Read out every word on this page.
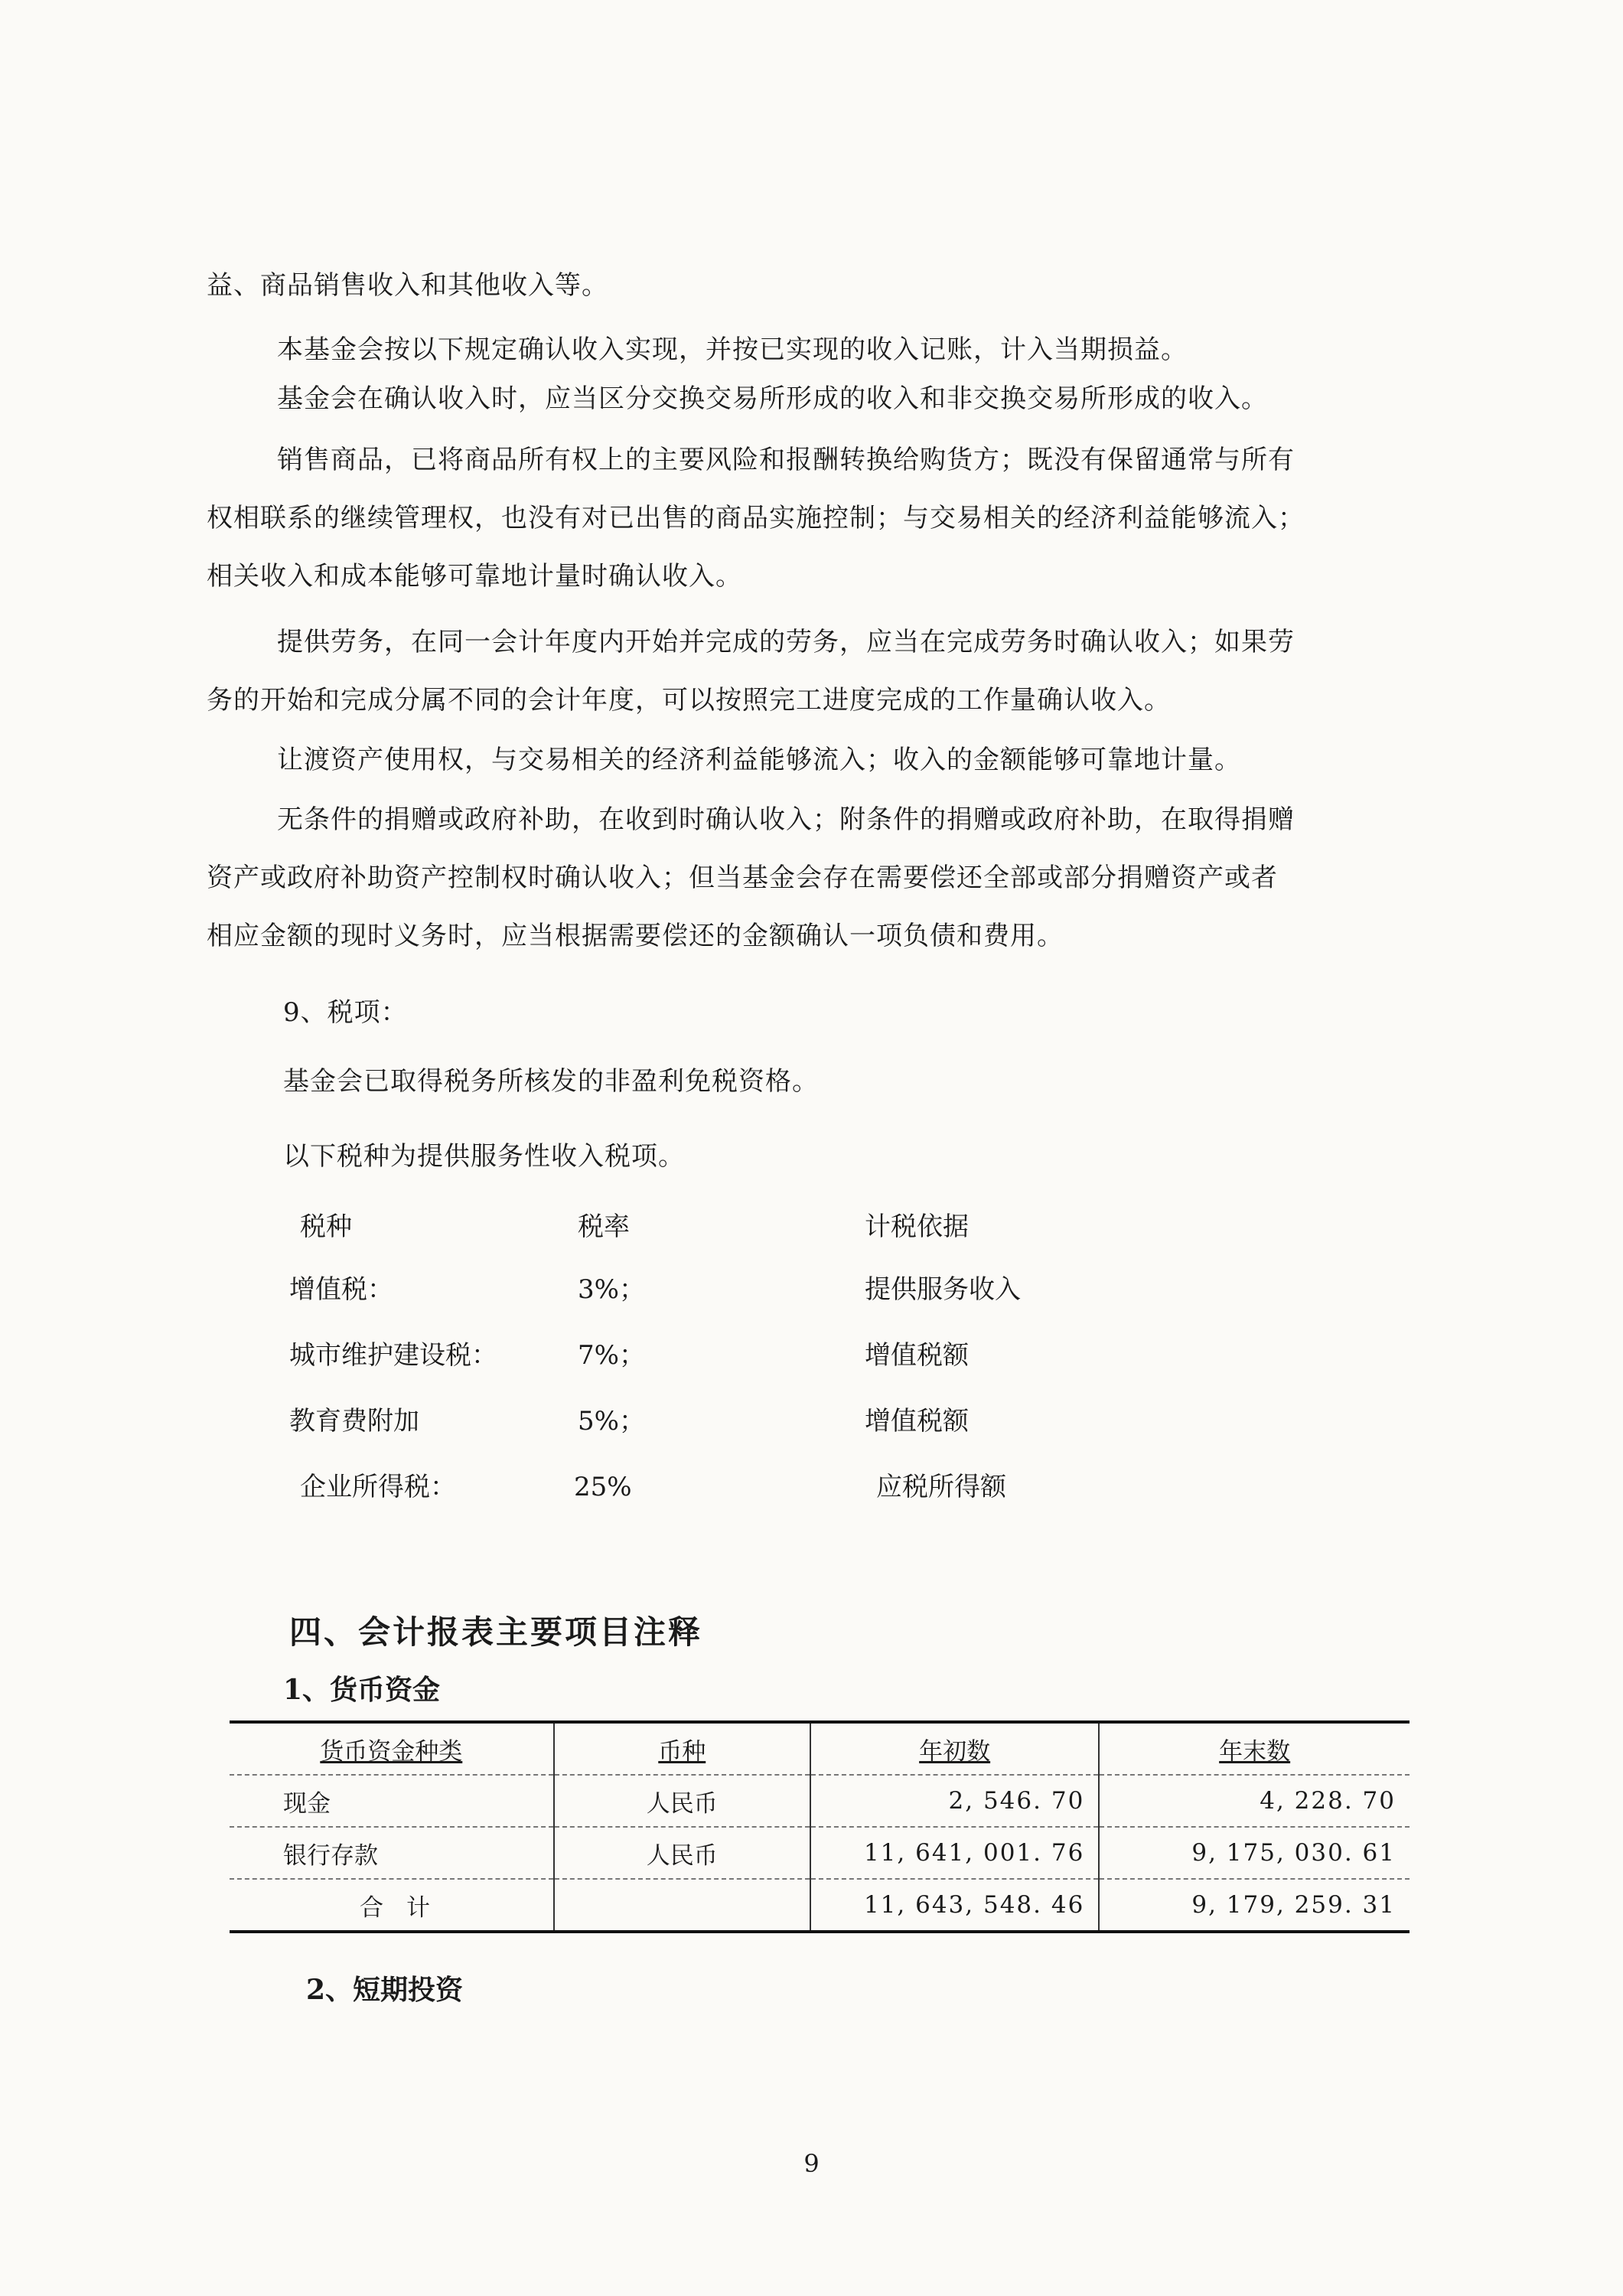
益、商品销售收入和其他收入等。
本基金会按以下规定确认收入实现，并按已实现的收入记账，计入当期损益。
基金会在确认收入时，应当区分交换交易所形成的收入和非交换交易所形成的收入。
销售商品，已将商品所有权上的主要风险和报酬转换给购货方；既没有保留通常与所有
权相联系的继续管理权，也没有对已出售的商品实施控制；与交易相关的经济利益能够流入；
相关收入和成本能够可靠地计量时确认收入。
提供劳务，在同一会计年度内开始并完成的劳务，应当在完成劳务时确认收入；如果劳
务的开始和完成分属不同的会计年度，可以按照完工进度完成的工作量确认收入。
让渡资产使用权，与交易相关的经济利益能够流入；收入的金额能够可靠地计量。
无条件的捐赠或政府补助，在收到时确认收入；附条件的捐赠或政府补助，在取得捐赠
资产或政府补助资产控制权时确认收入；但当基金会存在需要偿还全部或部分捐赠资产或者
相应金额的现时义务时，应当根据需要偿还的金额确认一项负债和费用。
9、税项：
基金会已取得税务所核发的非盈利免税资格。
以下税种为提供服务性收入税项。
税种	税率	计税依据
增值税：	3%；	提供服务收入
城市维护建设税：	7%；	增值税额
教育费附加	5%；	增值税额
企业所得税：	25%	应税所得额
四、会计报表主要项目注释
1、货币资金
货币资金种类	币种	年初数	年末数
现金	人民币	2, 546. 70	4, 228. 70
银行存款	人民币	11, 641, 001. 76	9, 175, 030. 61
合计		11, 643, 548. 46	9, 179, 259. 31
2、短期投资
9
